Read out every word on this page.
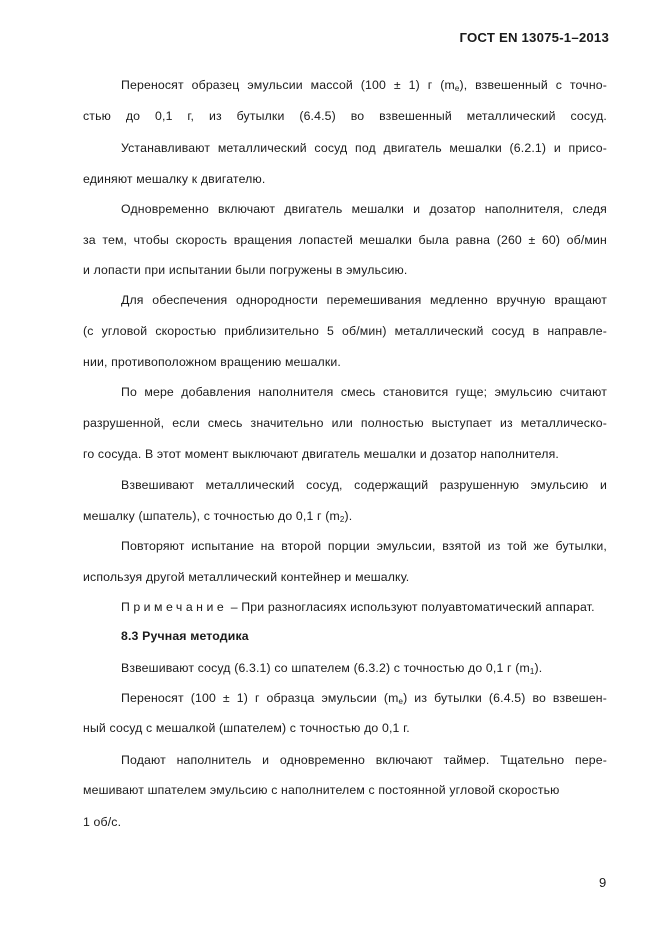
ГОСТ EN 13075-1–2013
Переносят образец эмульсии массой (100 ± 1) г $(m_e)$, взвешенный с точно-
стью до 0,1 г, из бутылки (6.4.5) во взвешенный металлический сосуд.
Устанавливают металлический сосуд под двигатель мешалки (6.2.1) и присо-
единяют мешалку к двигателю.
Одновременно включают двигатель мешалки и дозатор наполнителя, следя
за тем, чтобы скорость вращения лопастей мешалки была равна (260 ± 60) об/мин
и лопасти при испытании были погружены в эмульсию.
Для обеспечения однородности перемешивания медленно вручную вращают
(с угловой скоростью приблизительно 5 об/мин) металлический сосуд в направле-
нии, противоположном вращению мешалки.
По мере добавления наполнителя смесь становится гуще; эмульсию считают
разрушенной, если смесь значительно или полностью выступает из металлическо-
го сосуда. В этот момент выключают двигатель мешалки и дозатор наполнителя.
Взвешивают металлический сосуд, содержащий разрушенную эмульсию и
мешалку (шпатель), с точностью до 0,1 г $(m_2)$.
Повторяют испытание на второй порции эмульсии, взятой из той же бутылки,
используя другой металлический контейнер и мешалку.
Примечание – При разногласиях используют полуавтоматический аппарат.
8.3 Ручная методика
Взвешивают сосуд (6.3.1) со шпателем (6.3.2) с точностью до 0,1 г $(m_1)$.
Переносят (100 ± 1) г образца эмульсии $(m_e)$ из бутылки (6.4.5) во взвешен-
ный сосуд с мешалкой (шпателем) с точностью до 0,1 г.
Подают наполнитель и одновременно включают таймер. Тщательно пере-
мешивают шпателем эмульсию с наполнителем с постоянной угловой скоростью
1 об/с.
9
